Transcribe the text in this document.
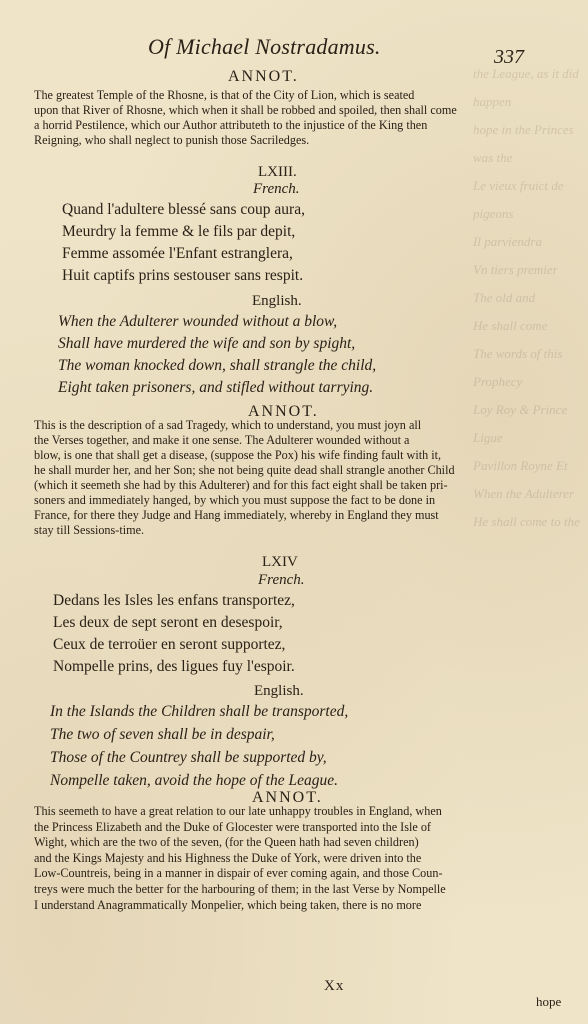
the League, as it did happen
hope in the Princes was the
Le vieux fruict de pigeons
Il parviendra
Vn tiers premier
The old and
He shall come
The words of this Prophecy
Loy Roy & Prince Ligue
Pavillon Royne Et
When the Adulterer
He shall come to the
Of Michael Nostradamus.	337
ANNOT.
The greatest Temple of the Rhosne, is that of the City of Lion, which is seated
upon that River of Rhosne, which when it shall be robbed and spoiled, then shall come
a horrid Pestilence, which our Author attributeth to the injustice of the King then
Reigning, who shall neglect to punish those Sacriledges.
LXIII.
French.
Quand l'adultere blessé sans coup aura,
Meurdry la femme & le fils par depit,
Femme assomée l'Enfant estranglera,
Huit captifs prins sestouser sans respit.
English.
When the Adulterer wounded without a blow,
Shall have murdered the wife and son by spight,
The woman knocked down, shall strangle the child,
Eight taken prisoners, and stifled without tarrying.
ANNOT.
This is the description of a sad Tragedy, which to understand, you must joyn all
the Verses together, and make it one sense. The Adulterer wounded without a
blow, is one that shall get a disease, (suppose the Pox) his wife finding fault with it,
he shall murder her, and her Son; she not being quite dead shall strangle another Child
(which it seemeth she had by this Adulterer) and for this fact eight shall be taken pri-
soners and immediately hanged, by which you must suppose the fact to be done in
France, for there they Judge and Hang immediately, whereby in England they must
stay till Sessions-time.
LXIV
French.
Dedans les Isles les enfans transportez,
Les deux de sept seront en desespoir,
Ceux de terroüer en seront supportez,
Nompelle prins, des ligues fuy l'espoir.
English.
In the Islands the Children shall be transported,
The two of seven shall be in despair,
Those of the Countrey shall be supported by,
Nompelle taken, avoid the hope of the League.
ANNOT.
This seemeth to have a great relation to our late unhappy troubles in England, when
the Princess Elizabeth and the Duke of Glocester were transported into the Isle of
Wight, which are the two of the seven, (for the Queen hath had seven children)
and the Kings Majesty and his Highness the Duke of York, were driven into the
Low-Countreis, being in a manner in dispair of ever coming again, and those Coun-
treys were much the better for the harbouring of them; in the last Verse by Nompelle
I understand Anagrammatically Monpelier, which being taken, there is no more
Xx
hope
